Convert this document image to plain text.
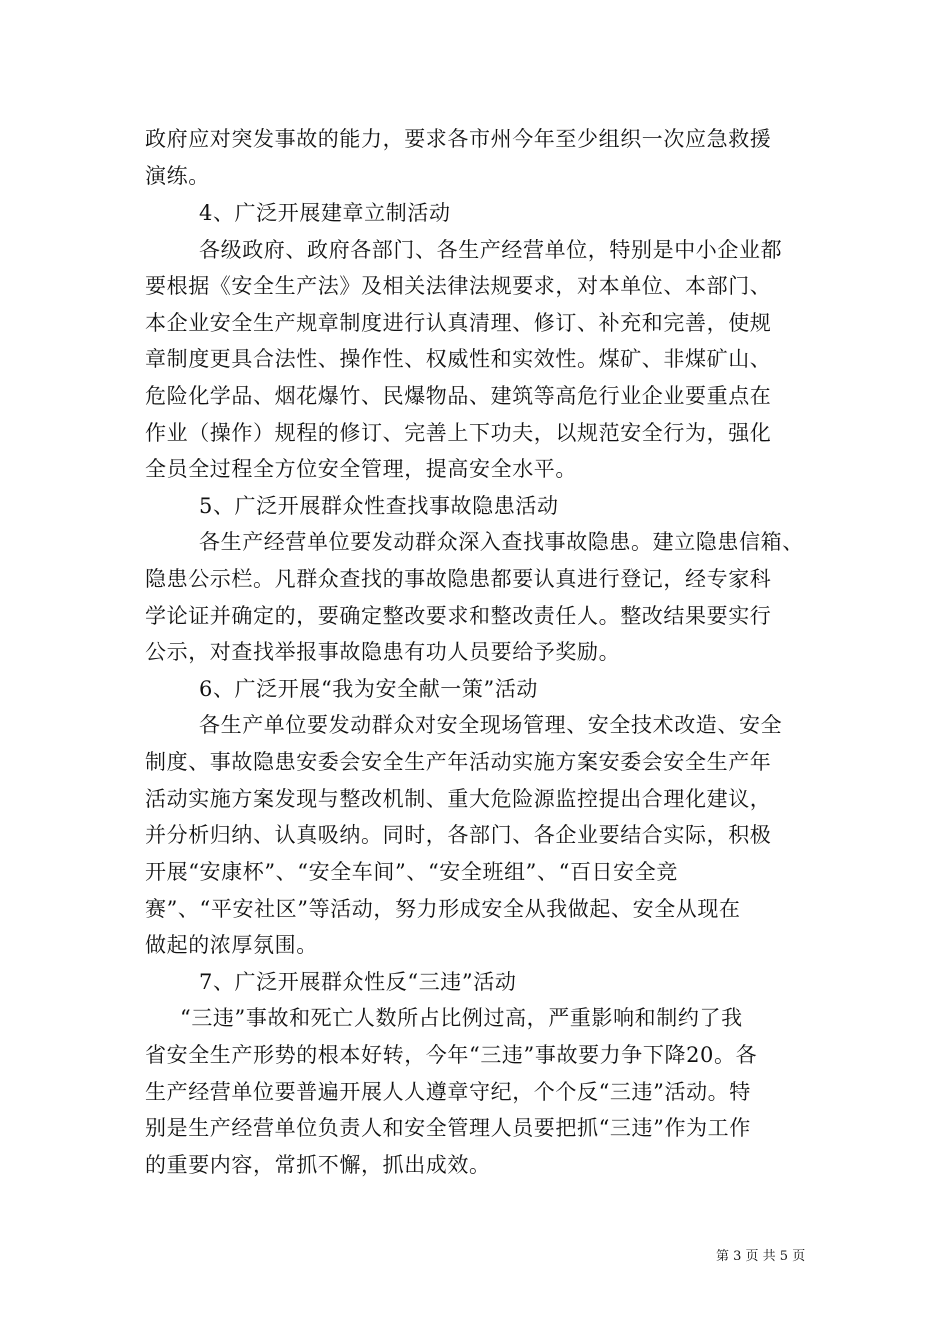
政府应对突发事故的能力，要求各市州今年至少组织一次应急救援
演练。
4、广泛开展建章立制活动
各级政府、政府各部门、各生产经营单位，特别是中小企业都
要根据《安全生产法》及相关法律法规要求，对本单位、本部门、
本企业安全生产规章制度进行认真清理、修订、补充和完善，使规
章制度更具合法性、操作性、权威性和实效性。煤矿、非煤矿山、
危险化学品、烟花爆竹、民爆物品、建筑等高危行业企业要重点在
作业（操作）规程的修订、完善上下功夫，以规范安全行为，强化
全员全过程全方位安全管理，提高安全水平。
5、广泛开展群众性查找事故隐患活动
各生产经营单位要发动群众深入查找事故隐患。建立隐患信箱、
隐患公示栏。凡群众查找的事故隐患都要认真进行登记，经专家科
学论证并确定的，要确定整改要求和整改责任人。整改结果要实行
公示，对查找举报事故隐患有功人员要给予奖励。
6、广泛开展“我为安全献一策”活动
各生产单位要发动群众对安全现场管理、安全技术改造、安全
制度、事故隐患安委会安全生产年活动实施方案安委会安全生产年
活动实施方案发现与整改机制、重大危险源监控提出合理化建议，
并分析归纳、认真吸纳。同时，各部门、各企业要结合实际，积极
开展“安康杯”、“安全车间”、“安全班组”、“百日安全竞
赛”、“平安社区”等活动，努力形成安全从我做起、安全从现在
做起的浓厚氛围。
7、广泛开展群众性反“三违”活动
“三违”事故和死亡人数所占比例过高，严重影响和制约了我
省安全生产形势的根本好转，今年“三违”事故要力争下降20。各
生产经营单位要普遍开展人人遵章守纪，个个反“三违”活动。特
别是生产经营单位负责人和安全管理人员要把抓“三违”作为工作
的重要内容，常抓不懈，抓出成效。
第 3 页 共 5 页
